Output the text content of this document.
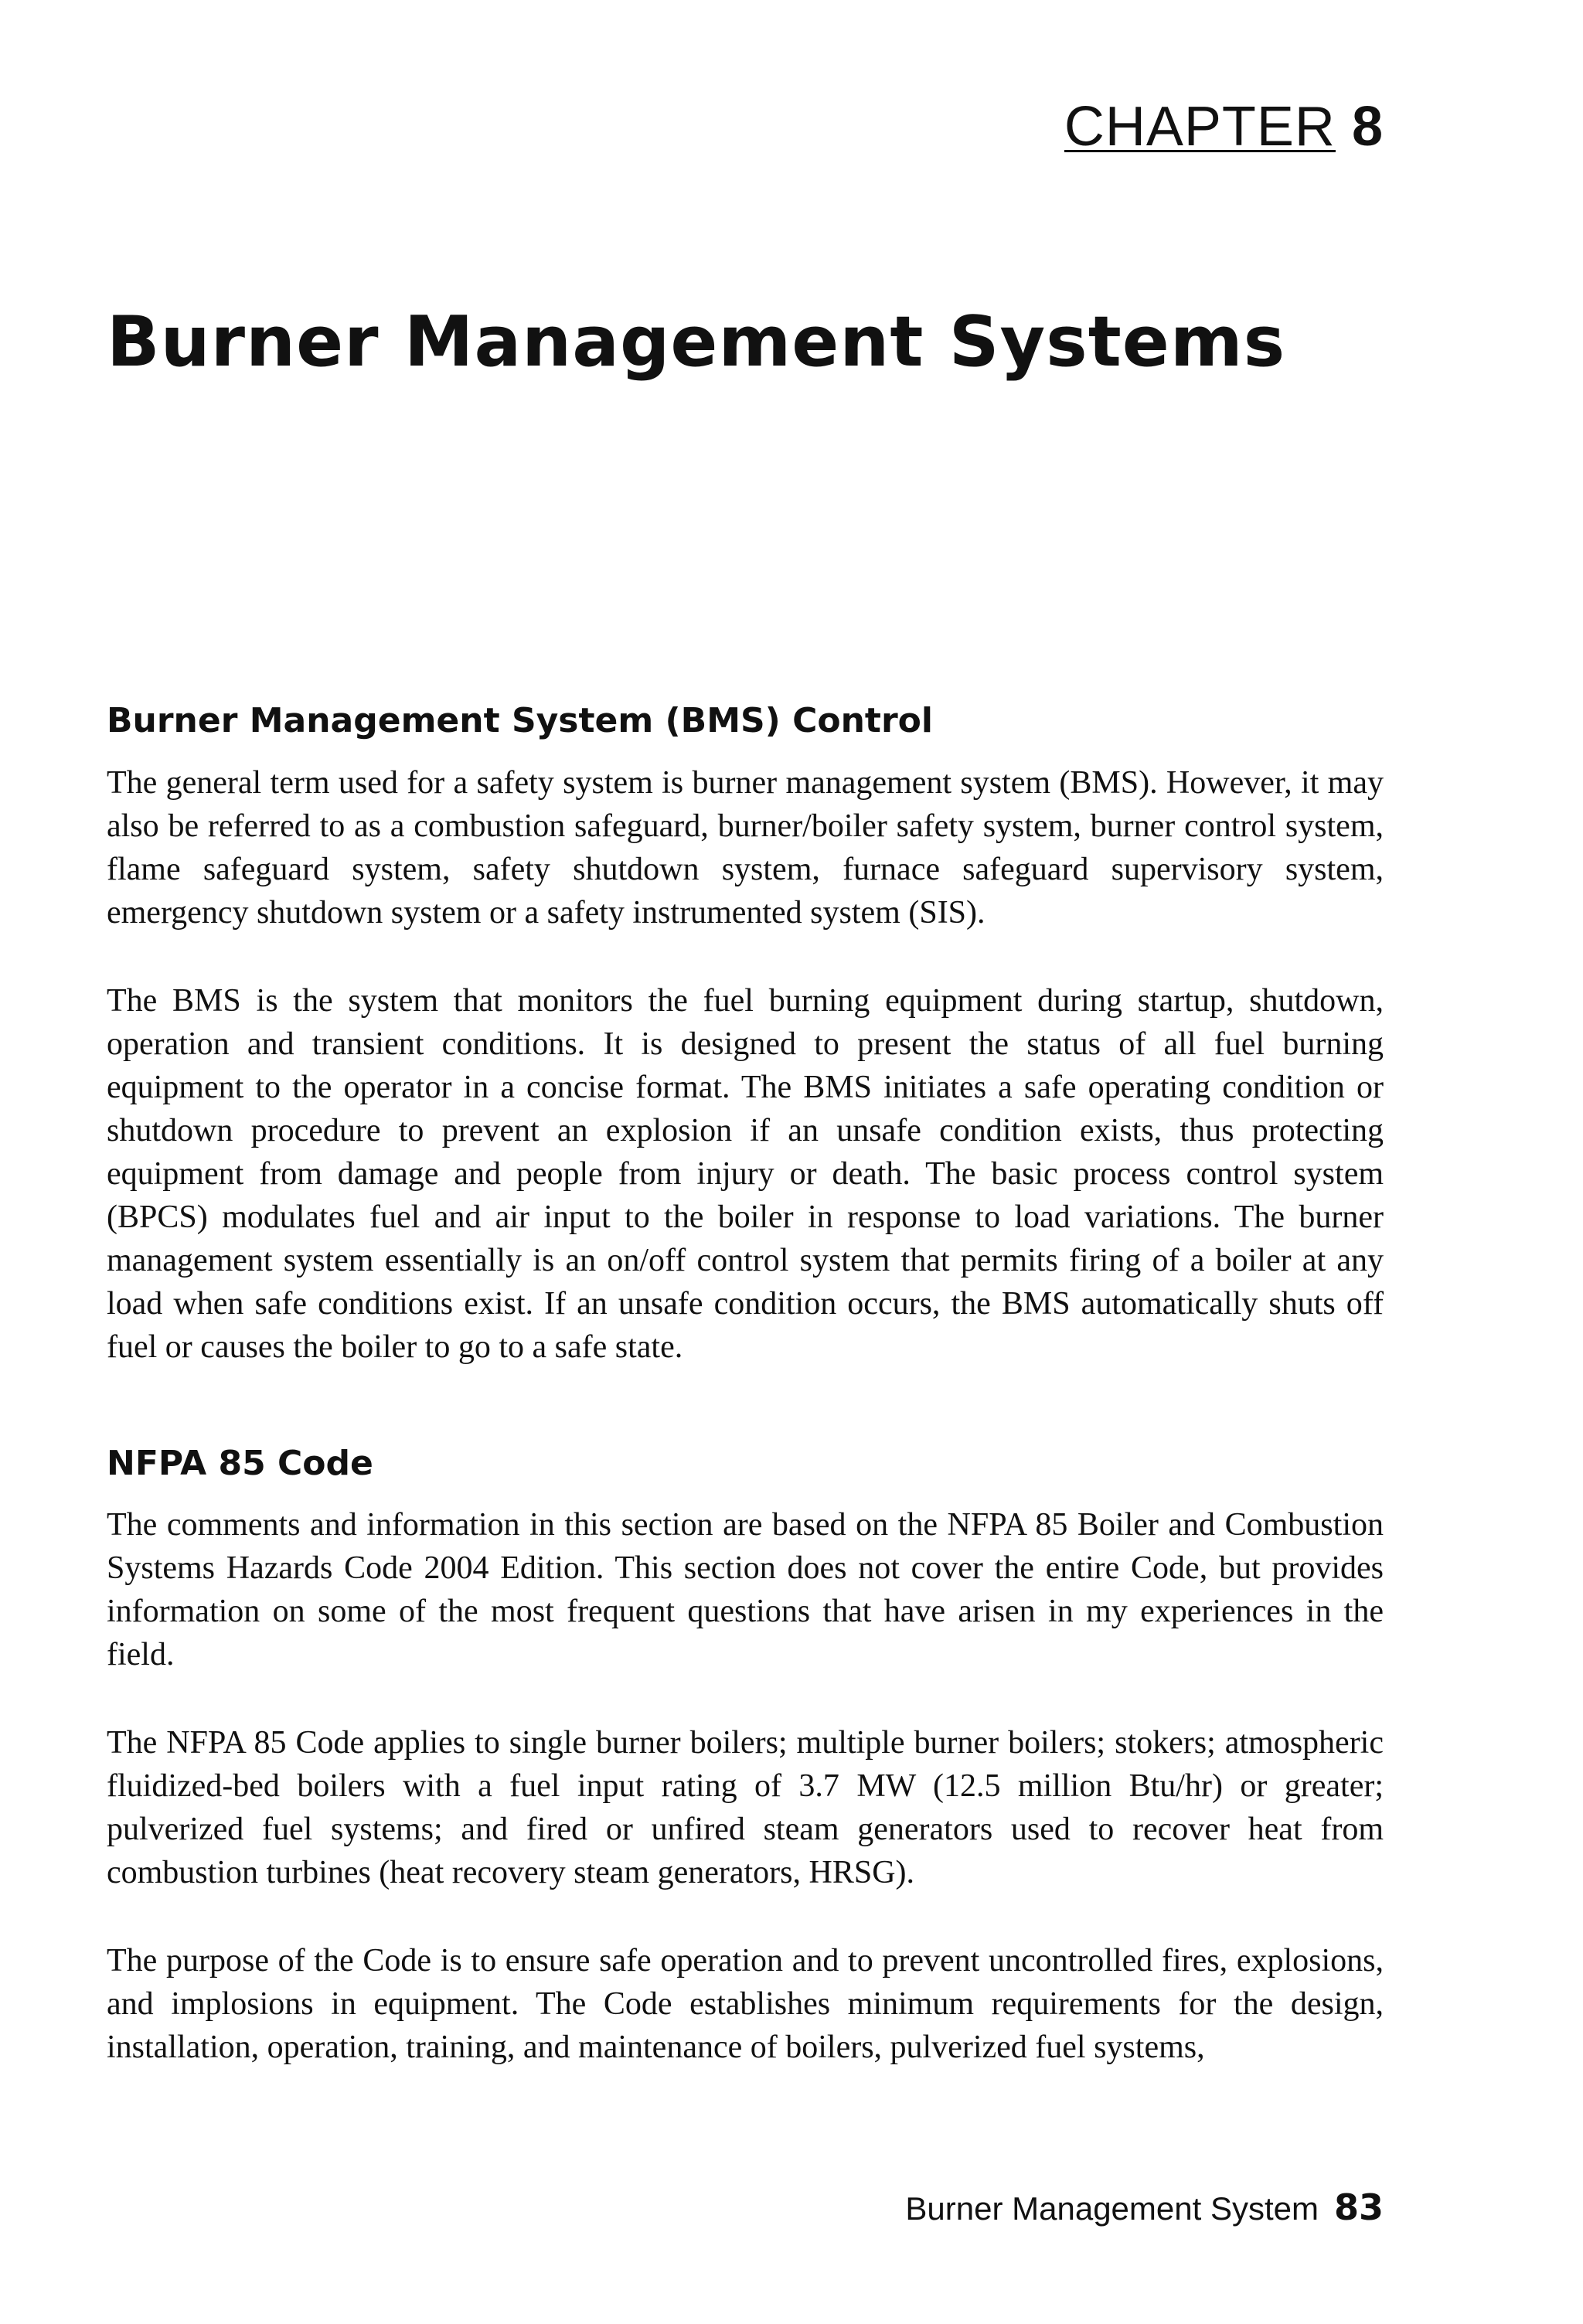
CHAPTER 8
Burner Management Systems
Burner Management System (BMS) Control

The general term used for a safety system is burner management system (BMS). However, it may also be referred to as a combustion safeguard, burner/boiler safety system, burner control system, flame safeguard system, safety shutdown system, furnace safeguard supervisory system, emergency shutdown system or a safety instrumented system (SIS).

The BMS is the system that monitors the fuel burning equipment during startup, shutdown, operation and transient conditions. It is designed to present the status of all fuel burning equipment to the operator in a concise format. The BMS initiates a safe operating condition or shutdown procedure to prevent an explosion if an unsafe condition exists, thus protecting equipment from damage and people from injury or death. The basic process control system (BPCS) modulates fuel and air input to the boiler in response to load variations. The burner management system essentially is an on/off control system that permits firing of a boiler at any load when safe conditions exist. If an unsafe condition occurs, the BMS automatically shuts off fuel or causes the boiler to go to a safe state.

NFPA 85 Code

The comments and information in this section are based on the NFPA 85 Boiler and Combustion Systems Hazards Code 2004 Edition. This section does not cover the entire Code, but provides information on some of the most frequent questions that have arisen in my experiences in the field.

The NFPA 85 Code applies to single burner boilers; multiple burner boilers; stokers; atmospheric fluidized-bed boilers with a fuel input rating of 3.7 MW (12.5 million Btu/hr) or greater; pulverized fuel systems; and fired or unfired steam generators used to recover heat from combustion turbines (heat recovery steam generators, HRSG).

The purpose of the Code is to ensure safe operation and to prevent uncontrolled fires, explosions, and implosions in equipment. The Code establishes minimum requirements for the design, installation, operation, training, and maintenance of boilers, pulverized fuel systems,

Burner Management System 83
